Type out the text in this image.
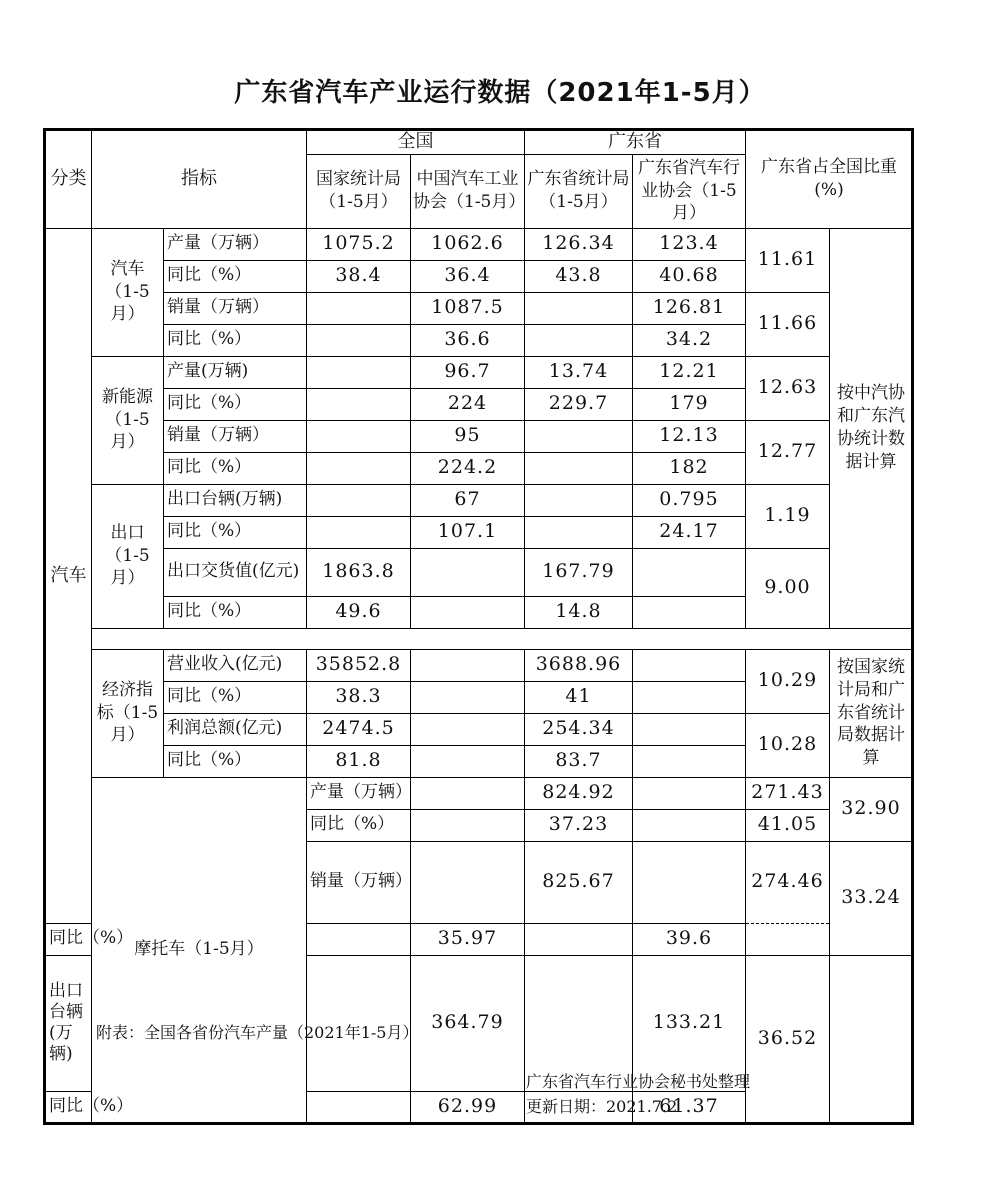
广东省汽车产业运行数据（2021年1-5月）
分类	指标		全国		广东省		广东省占全国比重 (%)		
			国家统计局（1-5月）	中国汽车工业协会（1-5月）	广东省统计局（1-5月）	广东省汽车行业协会（1-5月）			
汽车	汽车（1-5月）	产量（万辆）	1075.2	1062.6	126.34	123.4	11.61	按中汽协和广东汽协统计数据计算	
		同比（%）	38.4	36.4	43.8	40.68			
		销量（万辆）		1087.5		126.81	11.66		
		同比（%）		36.6		34.2			
	新能源（1-5月）	产量(万辆)		96.7	13.74	12.21	12.63		
		同比（%）		224	229.7	179			
		销量（万辆）		95		12.13	12.77		
		同比（%）		224.2		182			
	出口（1-5月）	出口台辆(万辆)		67		0.795	1.19		
		同比（%）		107.1		24.17			
		出口交货值(亿元)	1863.8		167.79		9.00		
		同比（%）	49.6		14.8				

	经济指标（1-5月）	营业收入(亿元)	35852.8		3688.96		10.29	按国家统计局和广东省统计局数据计算	
		同比（%）	38.3		41				
		利润总额(亿元)	2474.5		254.34		10.28		
		同比（%）	81.8		83.7				
	摩托车（1-5月）		产量（万辆）		824.92		271.43	32.90	
			同比（%）		37.23		41.05		
			销量（万辆）		825.67		274.46	33.24	
同比（%）				35.97		39.6			
出口台辆(万辆)				364.79		133.21	36.52		
同比（%）				62.99		61.37			
附表：全国各省份汽车产量（2021年1-5月）
广东省汽车行业协会秘书处整理
更新日期：2021.7.2
